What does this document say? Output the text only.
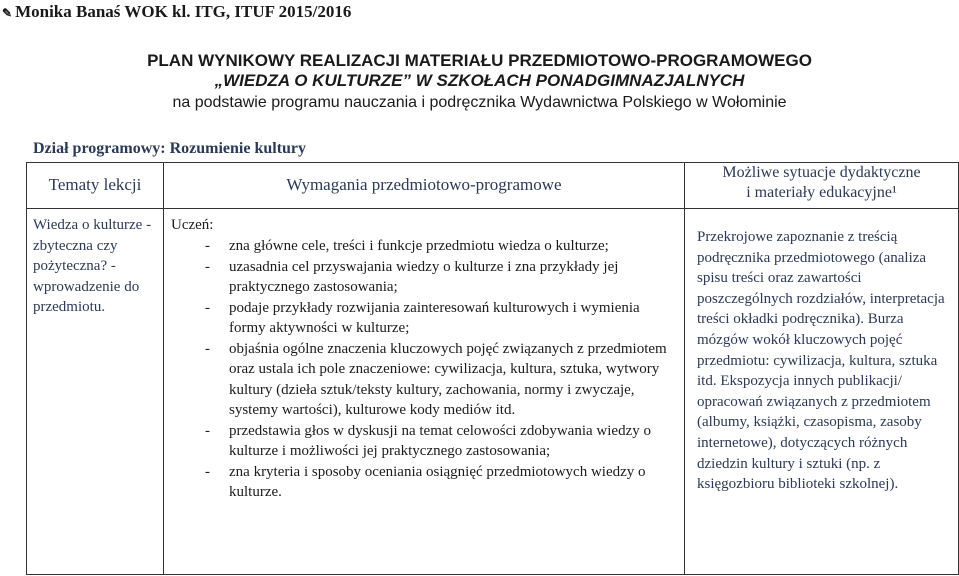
✎ Monika Banaś WOK kl. ITG, ITUF 2015/2016
PLAN WYNIKOWY REALIZACJI MATERIAŁU PRZEDMIOTOWO-PROGRAMOWEGO
„WIEDZA O KULTURZE” W SZKOŁACH PONADGIMNAZJALNYCH
na podstawie programu nauczania i podręcznika Wydawnictwa Polskiego w Wołominie
Dział programowy: Rozumienie kultury
Tematy lekcji	Wymagania przedmiotowo-programowe
Możliwe sytuacje dydaktyczne
i materiały edukacyjne¹
Wiedza o kulturze - zbyteczna czy pożyteczna? - wprowadzenie do przedmiotu.
Uczeń:
- zna główne cele, treści i funkcje przedmiotu wiedza o kulturze;
- uzasadnia cel przyswajania wiedzy o kulturze i zna przykłady jej praktycznego zastosowania;
- podaje przykłady rozwijania zainteresowań kulturowych i wymienia formy aktywności w kulturze;
- objaśnia ogólne znaczenia kluczowych pojęć związanych z przedmiotem oraz ustala ich pole znaczeniowe: cywilizacja, kultura, sztuka, wytwory kultury (dzieła sztuk/teksty kultury, zachowania, normy i zwyczaje, systemy wartości), kulturowe kody mediów itd.
- przedstawia głos w dyskusji na temat celowości zdobywania wiedzy o kulturze i możliwości jej praktycznego zastosowania;
- zna kryteria i sposoby oceniania osiągnięć przedmiotowych wiedzy o kulturze.
Przekrojowe zapoznanie z treścią podręcznika przedmiotowego (analiza spisu treści oraz zawartości poszczególnych rozdziałów, interpretacja treści okładki podręcznika). Burza mózgów wokół kluczowych pojęć przedmiotu: cywilizacja, kultura, sztuka itd. Ekspozycja innych publikacji/ opracowań związanych z przedmiotem (albumy, książki, czasopisma, zasoby internetowe), dotyczących różnych dziedzin kultury i sztuki (np. z księgozbioru biblioteki szkolnej).
